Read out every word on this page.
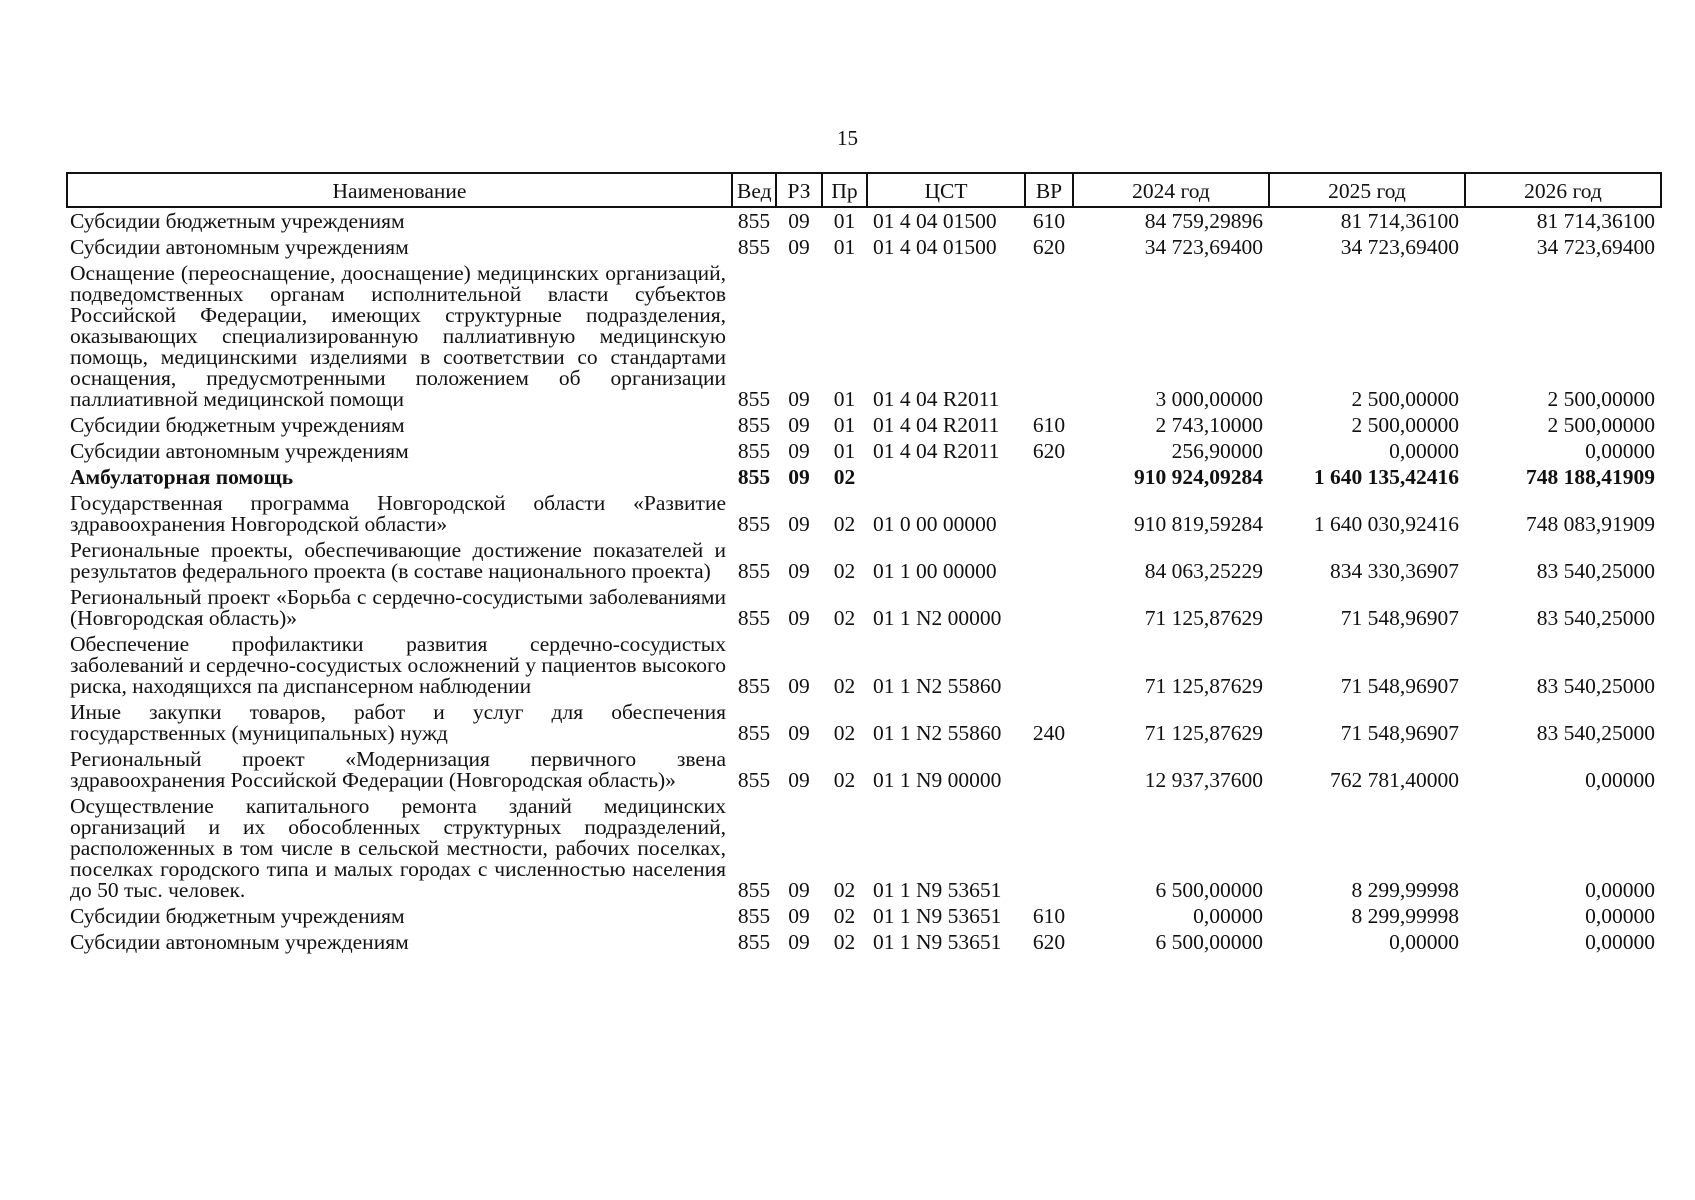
15
Наименование	Вед	РЗ	Пр	ЦСТ	ВР	2024 год	2025 год	2026 год
Субсидии бюджетным учреждениям	855	09	01	01 4 04 01500	610	84 759,29896	81 714,36100	81 714,36100
Субсидии автономным учреждениям	855	09	01	01 4 04 01500	620	34 723,69400	34 723,69400	34 723,69400
Оснащение (переоснащение, дооснащение) медицинских организаций, подведомственных органам исполнительной власти субъектов Российской Федерации, имеющих структурные подразделения, оказывающих специализированную паллиативную медицинскую помощь, медицинскими изделиями в соответствии со стандартами оснащения, предусмотренными положением об организации паллиативной медицинской помощи	855	09	01	01 4 04 R2011		3 000,00000	2 500,00000	2 500,00000
Субсидии бюджетным учреждениям	855	09	01	01 4 04 R2011	610	2 743,10000	2 500,00000	2 500,00000
Субсидии автономным учреждениям	855	09	01	01 4 04 R2011	620	256,90000	0,00000	0,00000
Амбулаторная помощь	855	09	02			910 924,09284	1 640 135,42416	748 188,41909
Государственная программа Новгородской области «Развитие здравоохранения Новгородской области»	855	09	02	01 0 00 00000		910 819,59284	1 640 030,92416	748 083,91909
Региональные проекты, обеспечивающие достижение показателей и результатов федерального проекта (в составе национального проекта)	855	09	02	01 1 00 00000		84 063,25229	834 330,36907	83 540,25000
Региональный проект «Борьба с сердечно-сосудистыми заболеваниями (Новгородская область)»	855	09	02	01 1 N2 00000		71 125,87629	71 548,96907	83 540,25000
Обеспечение профилактики развития сердечно-сосудистых заболеваний и сердечно-сосудистых осложнений у пациентов высокого риска, находящихся па диспансерном наблюдении	855	09	02	01 1 N2 55860		71 125,87629	71 548,96907	83 540,25000
Иные закупки товаров, работ и услуг для обеспечения государственных (муниципальных) нужд	855	09	02	01 1 N2 55860	240	71 125,87629	71 548,96907	83 540,25000
Региональный проект «Модернизация первичного звена здравоохранения Российской Федерации (Новгородская область)»	855	09	02	01 1 N9 00000		12 937,37600	762 781,40000	0,00000
Осуществление капитального ремонта зданий медицинских организаций и их обособленных структурных подразделений, расположенных в том числе в сельской местности, рабочих поселках, поселках городского типа и малых городах с численностью населения до 50 тыс. человек.	855	09	02	01 1 N9 53651		6 500,00000	8 299,99998	0,00000
Субсидии бюджетным учреждениям	855	09	02	01 1 N9 53651	610	0,00000	8 299,99998	0,00000
Субсидии автономным учреждениям	855	09	02	01 1 N9 53651	620	6 500,00000	0,00000	0,00000
